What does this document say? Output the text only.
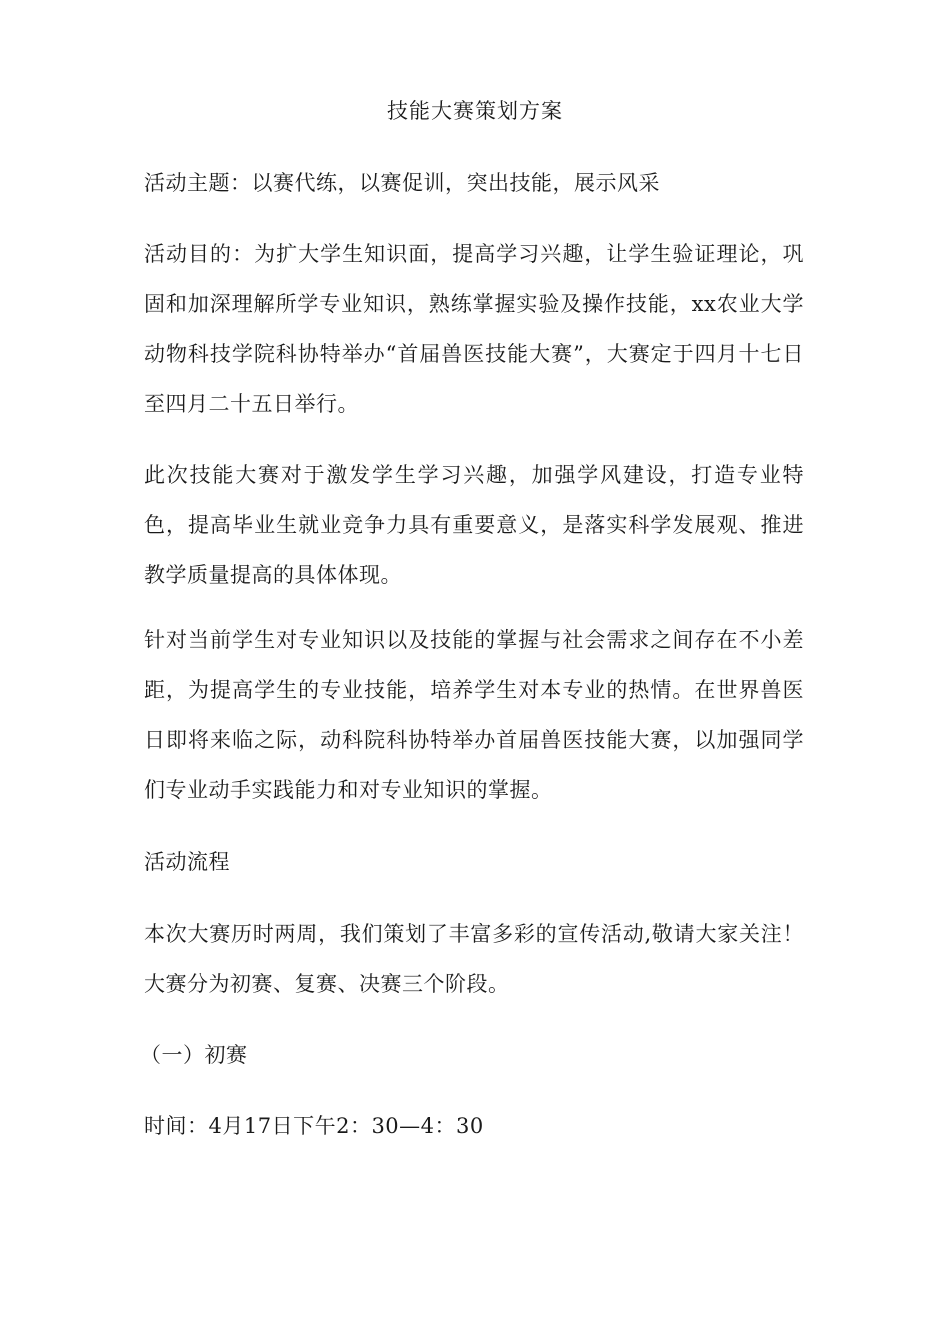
技能大赛策划方案

活动主题：以赛代练，以赛促训，突出技能，展示风采

活动目的：为扩大学生知识面，提高学习兴趣，让学生验证理论，巩固和加深理解所学专业知识，熟练掌握实验及操作技能，xx农业大学动物科技学院科协特举办“首届兽医技能大赛”，大赛定于四月十七日至四月二十五日举行。

此次技能大赛对于激发学生学习兴趣，加强学风建设，打造专业特色，提高毕业生就业竞争力具有重要意义，是落实科学发展观、推进教学质量提高的具体体现。

针对当前学生对专业知识以及技能的掌握与社会需求之间存在不小差距，为提高学生的专业技能，培养学生对本专业的热情。在世界兽医日即将来临之际，动科院科协特举办首届兽医技能大赛，以加强同学们专业动手实践能力和对专业知识的掌握。

活动流程

本次大赛历时两周，我们策划了丰富多彩的宣传活动,敬请大家关注！大赛分为初赛、复赛、决赛三个阶段。

（一）初赛

时间：4月17日下午2：30—4：30
